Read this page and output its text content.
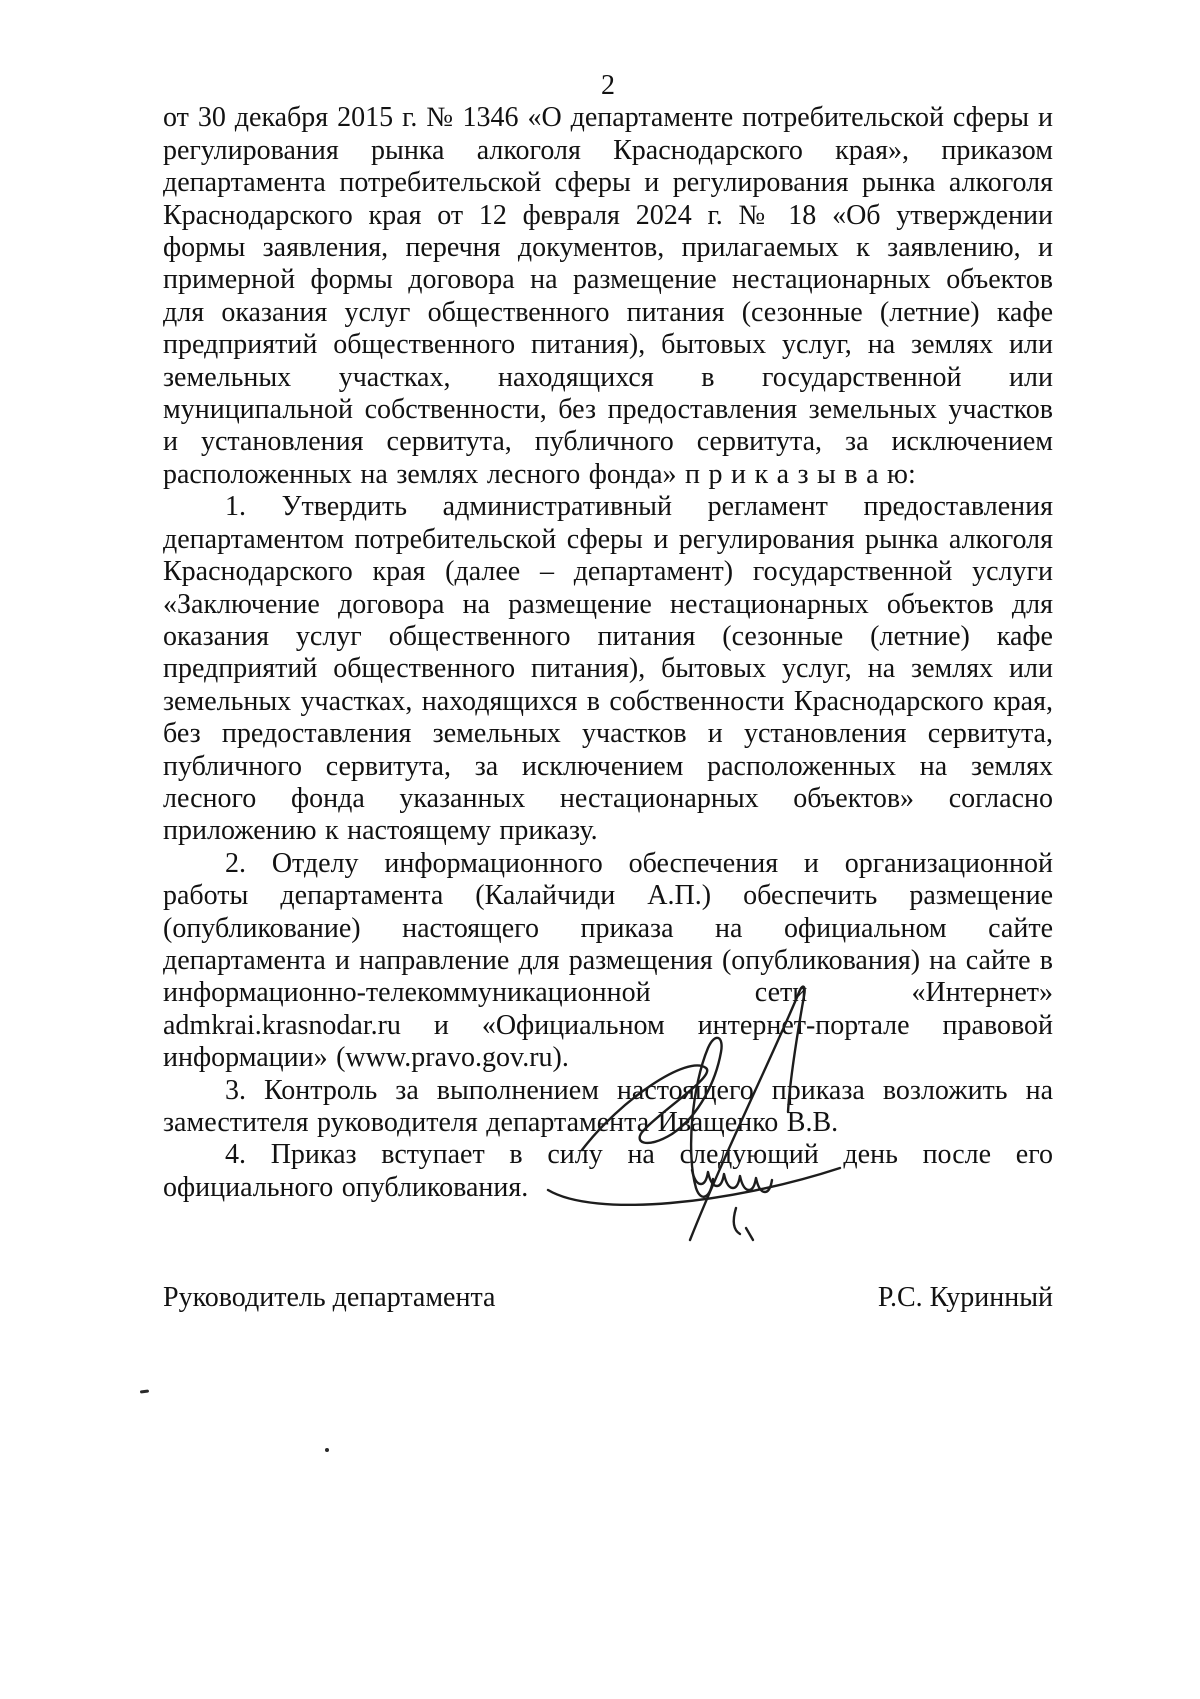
2

от 30 декабря 2015 г. № 1346 «О департаменте потребительской сферы и регулирования рынка алкоголя Краснодарского края», приказом департамента потребительской сферы и регулирования рынка алкоголя Краснодарского края от 12 февраля 2024 г. № 18 «Об утверждении формы заявления, перечня документов, прилагаемых к заявлению, и примерной формы договора на размещение нестационарных объектов для оказания услуг общественного питания (сезонные (летние) кафе предприятий общественного питания), бытовых услуг, на землях или земельных участках, находящихся в государственной или муниципальной собственности, без предоставления земельных участков и установления сервитута, публичного сервитута, за исключением расположенных на землях лесного фонда» п р и к а з ы в а ю:

1. Утвердить административный регламент предоставления департаментом потребительской сферы и регулирования рынка алкоголя Краснодарского края (далее – департамент) государственной услуги «Заключение договора на размещение нестационарных объектов для оказания услуг общественного питания (сезонные (летние) кафе предприятий общественного питания), бытовых услуг, на землях или земельных участках, находящихся в собственности Краснодарского края, без предоставления земельных участков и установления сервитута, публичного сервитута, за исключением расположенных на землях лесного фонда указанных нестационарных объектов» согласно приложению к настоящему приказу.

2. Отделу информационного обеспечения и организационной работы департамента (Калайчиди А.П.) обеспечить размещение (опубликование) настоящего приказа на официальном сайте департамента и направление для размещения (опубликования) на сайте в информационно-телекоммуникационной сети «Интернет» admkrai.krasnodar.ru и «Официальном интернет-портале правовой информации» (www.pravo.gov.ru).

3. Контроль за выполнением настоящего приказа возложить на заместителя руководителя департамента Иващенко В.В.

4. Приказ вступает в силу на следующий день после его официального опубликования.

Руководитель департамента	Р.С. Куринный
